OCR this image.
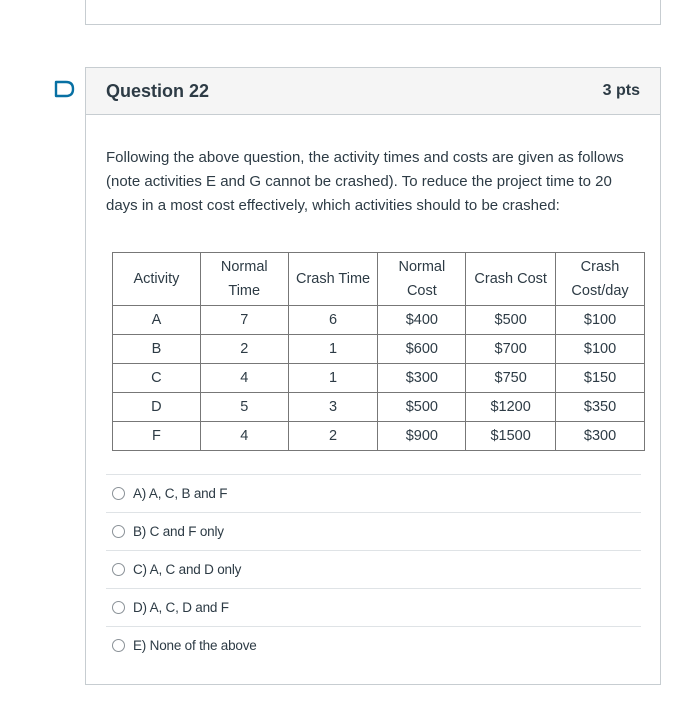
Question 22	3 pts
Following the above question, the activity times and costs are given as follows (note activities E and G cannot be crashed). To reduce the project time to 20 days in a most cost effectively, which activities should to be crashed:
Activity	Normal Time	Crash Time	Normal Cost	Crash Cost	Crash Cost/day
A	7	6	$400	$500	$100
B	2	1	$600	$700	$100
C	4	1	$300	$750	$150
D	5	3	$500	$1200	$350
F	4	2	$900	$1500	$300
A) A, C, B and F
B) C and F only
C) A, C and D only
D) A, C, D and F
E) None of the above
